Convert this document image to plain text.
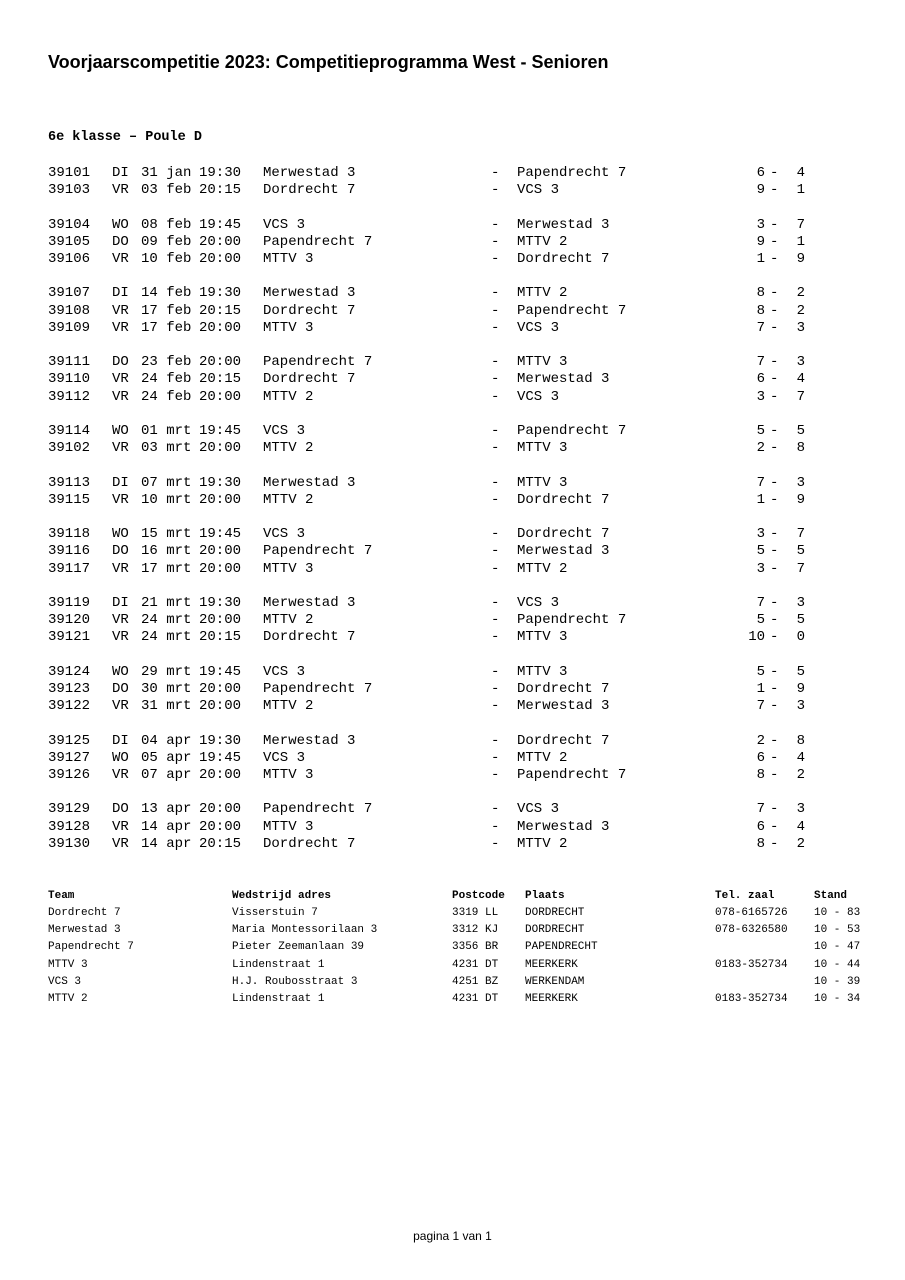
Voorjaarscompetitie 2023: Competitieprogramma West - Senioren
6e klasse – Poule D
39101 DI 31 jan 19:30 Merwestad 3	- Papendrecht 7	6 -	4
39103 VR 03 feb 20:15 Dordrecht 7	- VCS 3	9 -	1
39104 WO 08 feb 19:45 VCS 3	- Merwestad 3	3 -	7
39105 DO 09 feb 20:00 Papendrecht 7	- MTTV 2	9 -	1
39106 VR 10 feb 20:00 MTTV 3	- Dordrecht 7	1 -	9
39107 DI 14 feb 19:30 Merwestad 3	- MTTV 2	8 -	2
39108 VR 17 feb 20:15 Dordrecht 7	- Papendrecht 7	8 -	2
39109 VR 17 feb 20:00 MTTV 3	- VCS 3	7 -	3
39111 DO 23 feb 20:00 Papendrecht 7	- MTTV 3	7 -	3
39110 VR 24 feb 20:15 Dordrecht 7	- Merwestad 3	6 -	4
39112 VR 24 feb 20:00 MTTV 2	- VCS 3	3 -	7
39114 WO 01 mrt 19:45 VCS 3	- Papendrecht 7	5 -	5
39102 VR 03 mrt 20:00 MTTV 2	- MTTV 3	2 -	8
39113 DI 07 mrt 19:30 Merwestad 3	- MTTV 3	7 -	3
39115 VR 10 mrt 20:00 MTTV 2	- Dordrecht 7	1 -	9
39118 WO 15 mrt 19:45 VCS 3	- Dordrecht 7	3 -	7
39116 DO 16 mrt 20:00 Papendrecht 7	- Merwestad 3	5 -	5
39117 VR 17 mrt 20:00 MTTV 3	- MTTV 2	3 -	7
39119 DI 21 mrt 19:30 Merwestad 3	- VCS 3	7 -	3
39120 VR 24 mrt 20:00 MTTV 2	- Papendrecht 7	5 -	5
39121 VR 24 mrt 20:15 Dordrecht 7	- MTTV 3	10 -	0
39124 WO 29 mrt 19:45 VCS 3	- MTTV 3	5 -	5
39123 DO 30 mrt 20:00 Papendrecht 7	- Dordrecht 7	1 -	9
39122 VR 31 mrt 20:00 MTTV 2	- Merwestad 3	7 -	3
39125 DI 04 apr 19:30 Merwestad 3	- Dordrecht 7	2 -	8
39127 WO 05 apr 19:45 VCS 3	- MTTV 2	6 -	4
39126 VR 07 apr 20:00 MTTV 3	- Papendrecht 7	8 -	2
39129 DO 13 apr 20:00 Papendrecht 7	- VCS 3	7 -	3
39128 VR 14 apr 20:00 MTTV 3	- Merwestad 3	6 -	4
39130 VR 14 apr 20:15 Dordrecht 7	- MTTV 2	8 -	2
Team	Wedstrijd adres	Postcode Plaats	Tel. zaal	Stand
Dordrecht 7	Visserstuin 7	3319 LL DORDRECHT	078-6165726 10 - 83
Merwestad 3	Maria Montessorilaan 3	3312 KJ DORDRECHT	078-6326580 10 - 53
Papendrecht 7	Pieter Zeemanlaan 39	3356 BR PAPENDRECHT	10 - 47
MTTV 3	Lindenstraat 1	4231 DT MEERKERK	0183-352734 10 - 44
VCS 3	H.J. Roubosstraat 3	4251 BZ WERKENDAM	10 - 39
MTTV 2	Lindenstraat 1	4231 DT MEERKERK	0183-352734 10 - 34
pagina 1 van 1
